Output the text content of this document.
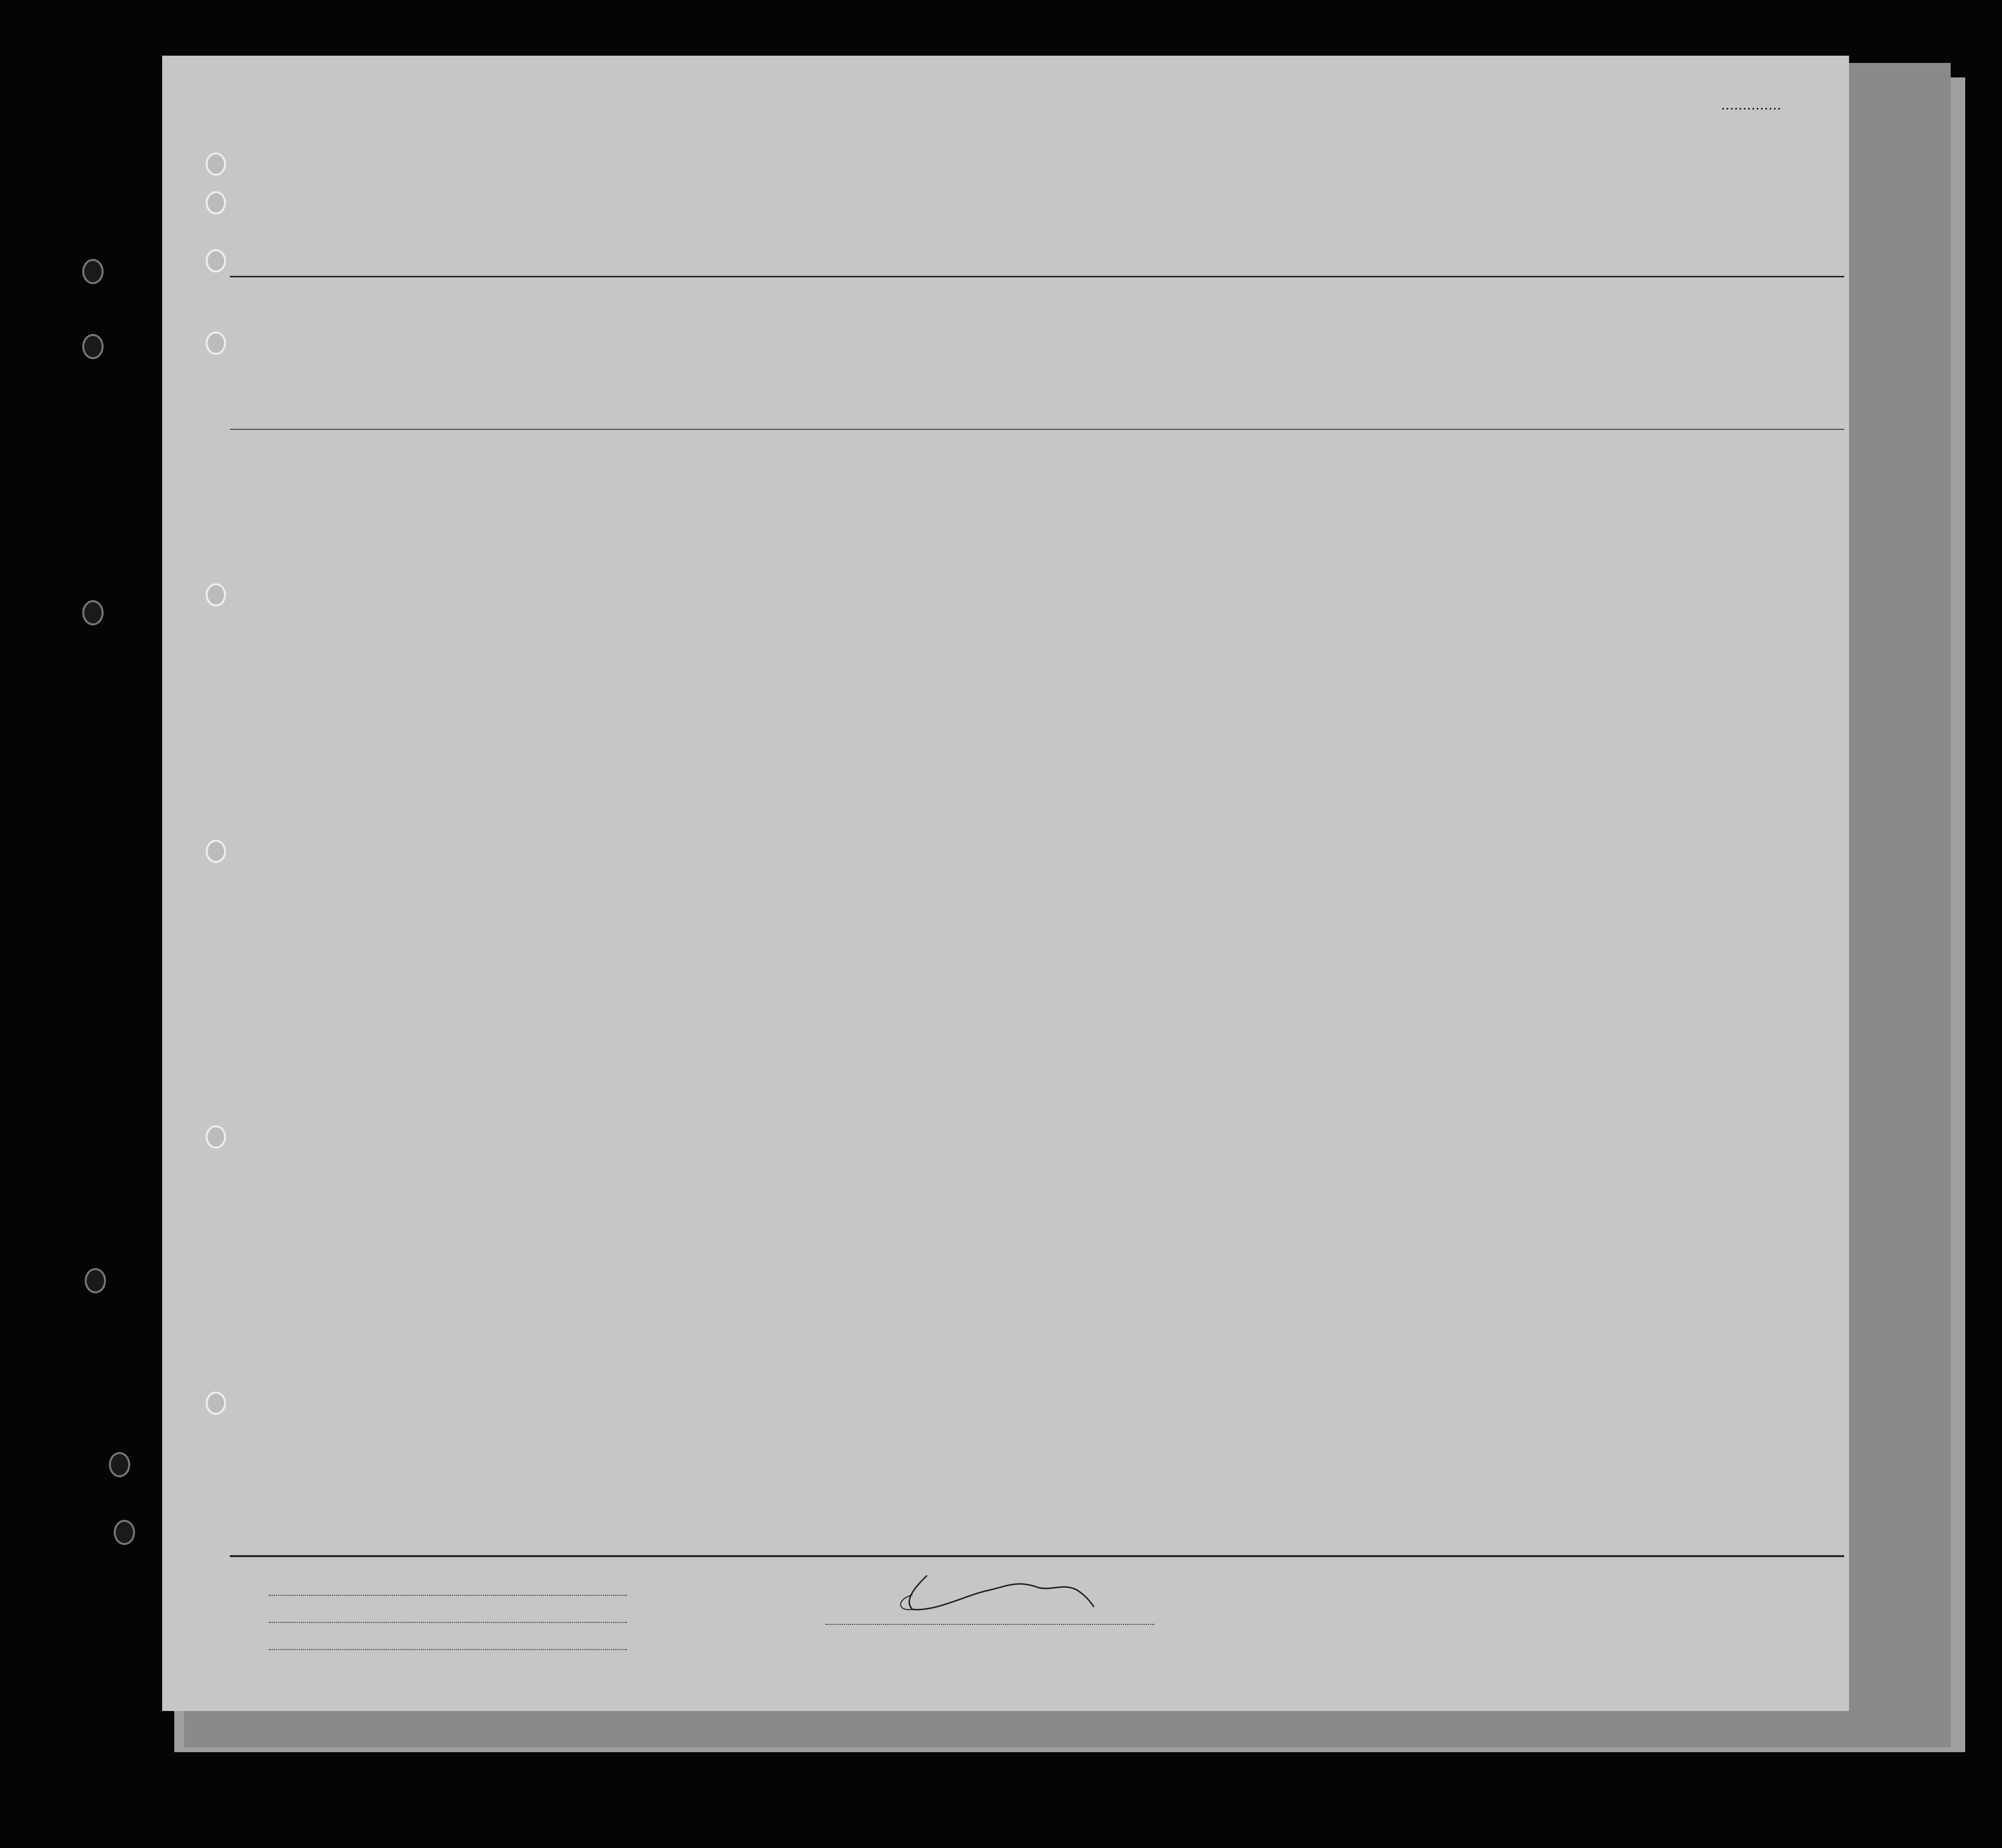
..............
